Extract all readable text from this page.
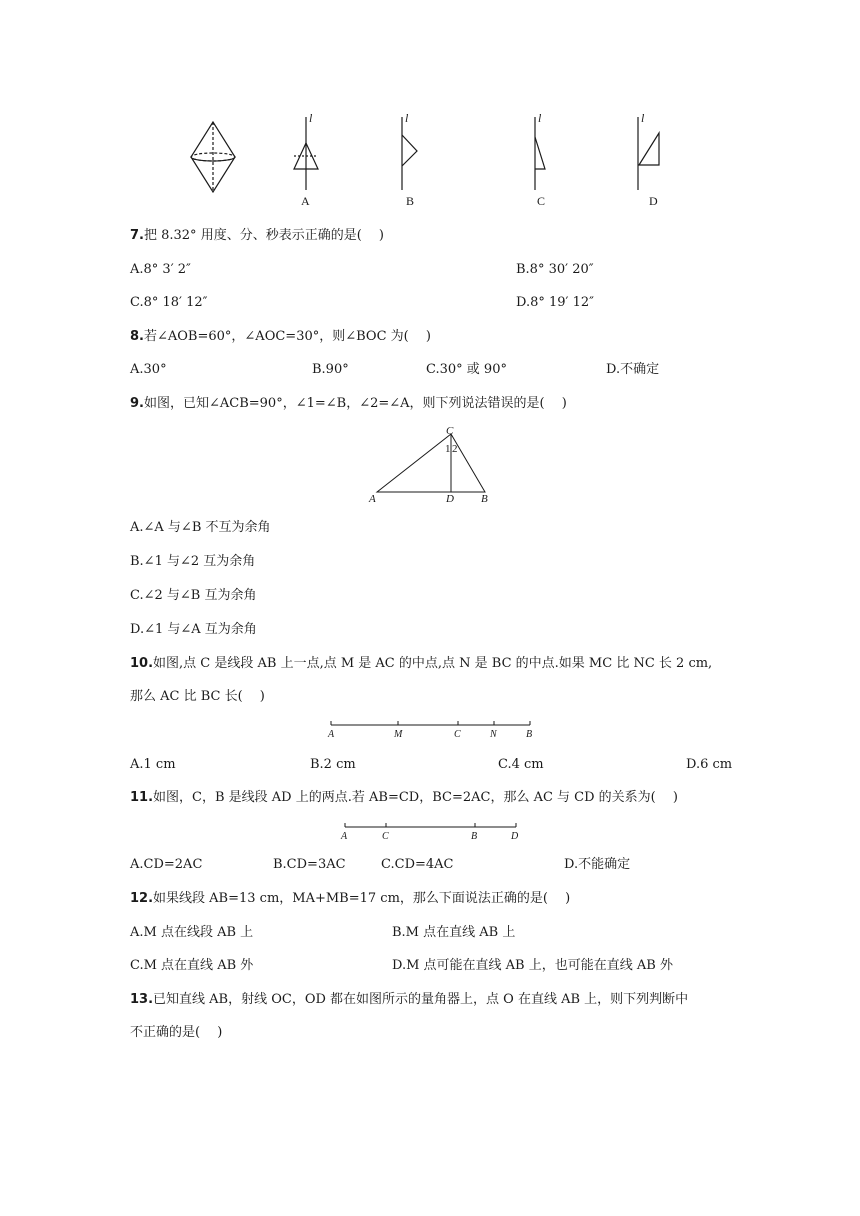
l	l	l	l
A	B	C	D
7.把 8.32° 用度、分、秒表示正确的是(　 )
A.8° 3′ 2″	B.8° 30′ 20″
C.8° 18′ 12″	D.8° 19′ 12″
8.若∠AOB=60°，∠AOC=30°，则∠BOC 为(　 )
A.30°	B.90°	C.30° 或 90°	D.不确定
9.如图，已知∠ACB=90°，∠1=∠B，∠2=∠A，则下列说法错误的是(　 )
C
1 2
A	D B
A.∠A 与∠B 不互为余角
B.∠1 与∠2 互为余角
C.∠2 与∠B 互为余角
D.∠1 与∠A 互为余角
10.如图,点 C 是线段 AB 上一点,点 M 是 AC 的中点,点 N 是 BC 的中点.如果 MC 比 NC 长 2 cm,
那么 AC 比 BC 长(　 )
A	M	C	N	B
A.1 cm	B.2 cm	C.4 cm	D.6 cm
11.如图，C，B 是线段 AD 上的两点.若 AB=CD，BC=2AC，那么 AC 与 CD 的关系为(　 )
A	C	B	D
A.CD=2AC	B.CD=3AC	C.CD=4AC	D.不能确定
12.如果线段 AB=13 cm，MA+MB=17 cm，那么下面说法正确的是(　 )
A.M 点在线段 AB 上	B.M 点在直线 AB 上
C.M 点在直线 AB 外	D.M 点可能在直线 AB 上，也可能在直线 AB 外
13.已知直线 AB，射线 OC，OD 都在如图所示的量角器上，点 O 在直线 AB 上，则下列判断中
不正确的是(　 )
